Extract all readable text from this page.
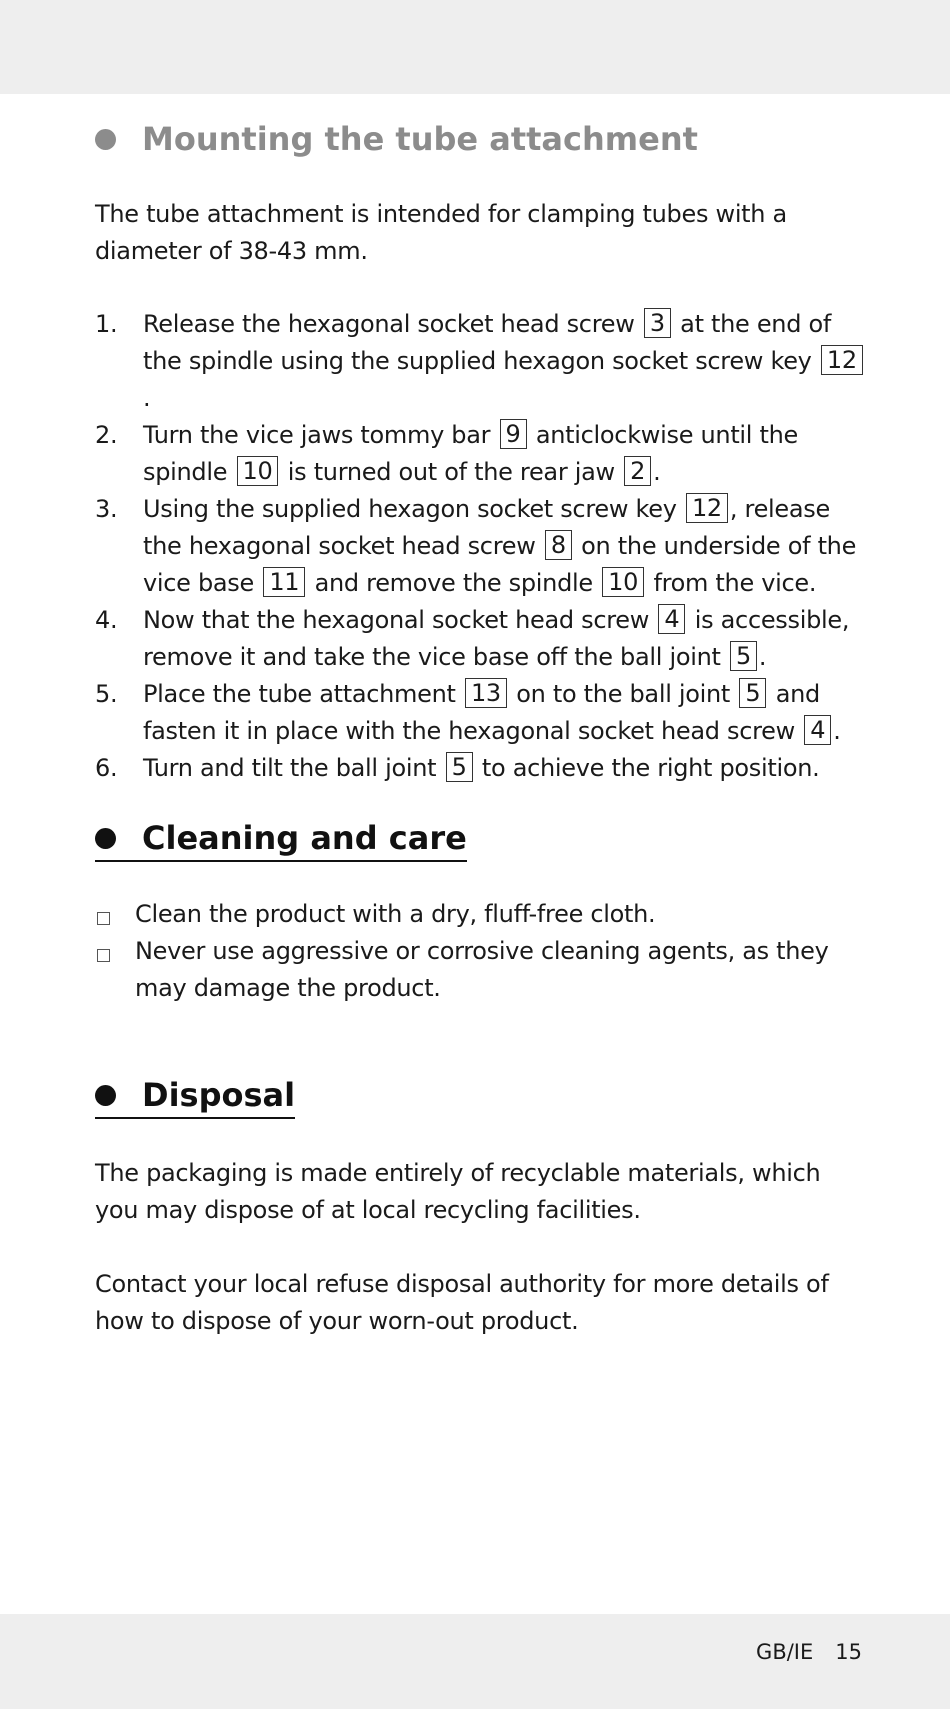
Mounting the tube attachment

The tube attachment is intended for clamping tubes with a diameter of 38-43 mm.

1.	Release the hexagonal socket head screw 3 at the end of the spindle using the supplied hexagon socket screw key 12.
2.	Turn the vice jaws tommy bar 9 anticlockwise until the spindle 10 is turned out of the rear jaw 2 .
3.	Using the supplied hexagon socket screw key 12 , release the hexagonal socket head screw 8 on the underside of the vice base 11 and remove the spindle 10 from the vice.
4.	Now that the hexagonal socket head screw 4 is accessible, remove it and take the vice base off the ball joint 5 .
5.	Place the tube attachment 13 on to the ball joint 5 and fasten it in place with the hexagonal socket head screw 4 .
6.	Turn and tilt the ball joint 5 to achieve the right position.
Cleaning and care
Clean the product with a dry, fluff-free cloth.
Never use aggressive or corrosive cleaning agents, as they may damage the product.
Disposal

The packaging is made entirely of recyclable materials, which you may dispose of at local recycling facilities.

Contact your local refuse disposal authority for more details of how to dispose of your worn-out product.

GB/IE 15
